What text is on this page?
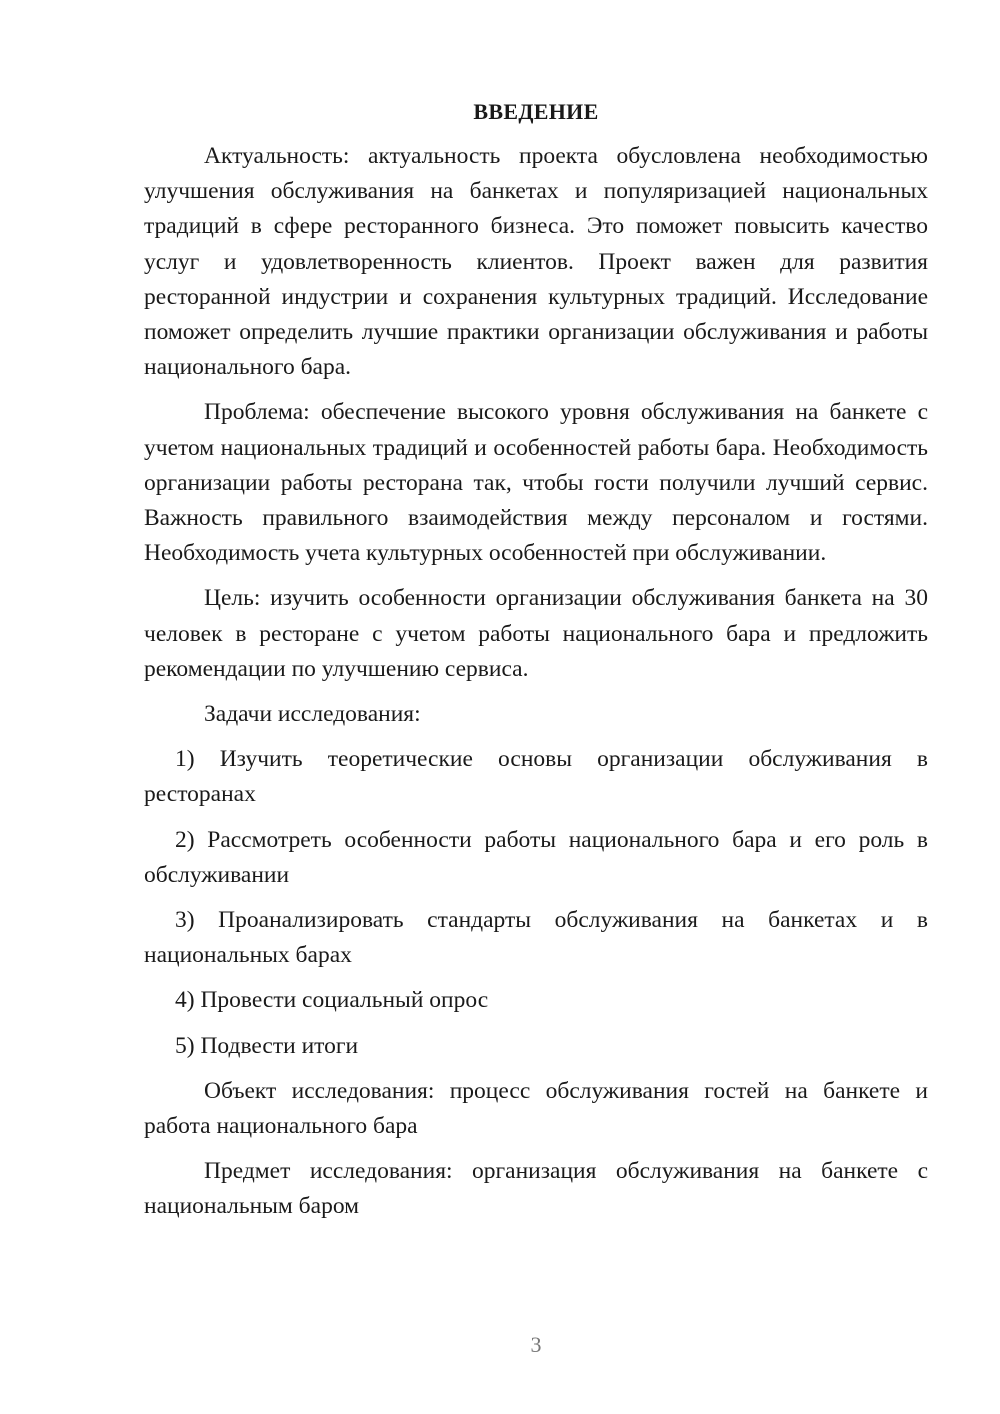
ВВЕДЕНИЕ

Актуальность: актуальность проекта обусловлена необходимостью улучшения обслуживания на банкетах и популяризацией национальных традиций в сфере ресторанного бизнеса. Это поможет повысить качество услуг и удовлетворенность клиентов. Проект важен для развития ресторанной индустрии и сохранения культурных традиций. Исследование поможет определить лучшие практики организации обслуживания и работы национального бара.

Проблема: обеспечение высокого уровня обслуживания на банкете с учетом национальных традиций и особенностей работы бара. Необходимость организации работы ресторана так, чтобы гости получили лучший сервис. Важность правильного взаимодействия между персоналом и гостями. Необходимость учета культурных особенностей при обслуживании.

Цель: изучить особенности организации обслуживания банкета на 30 человек в ресторане с учетом работы национального бара и предложить рекомендации по улучшению сервиса.

Задачи исследования:

1) Изучить теоретические основы организации обслуживания в ресторанах

2) Рассмотреть особенности работы национального бара и его роль в обслуживании

3) Проанализировать стандарты обслуживания на банкетах и в национальных барах

4) Провести социальный опрос

5) Подвести итоги

Объект исследования: процесс обслуживания гостей на банкете и работа национального бара

Предмет исследования: организация обслуживания на банкете с национальным баром

3
